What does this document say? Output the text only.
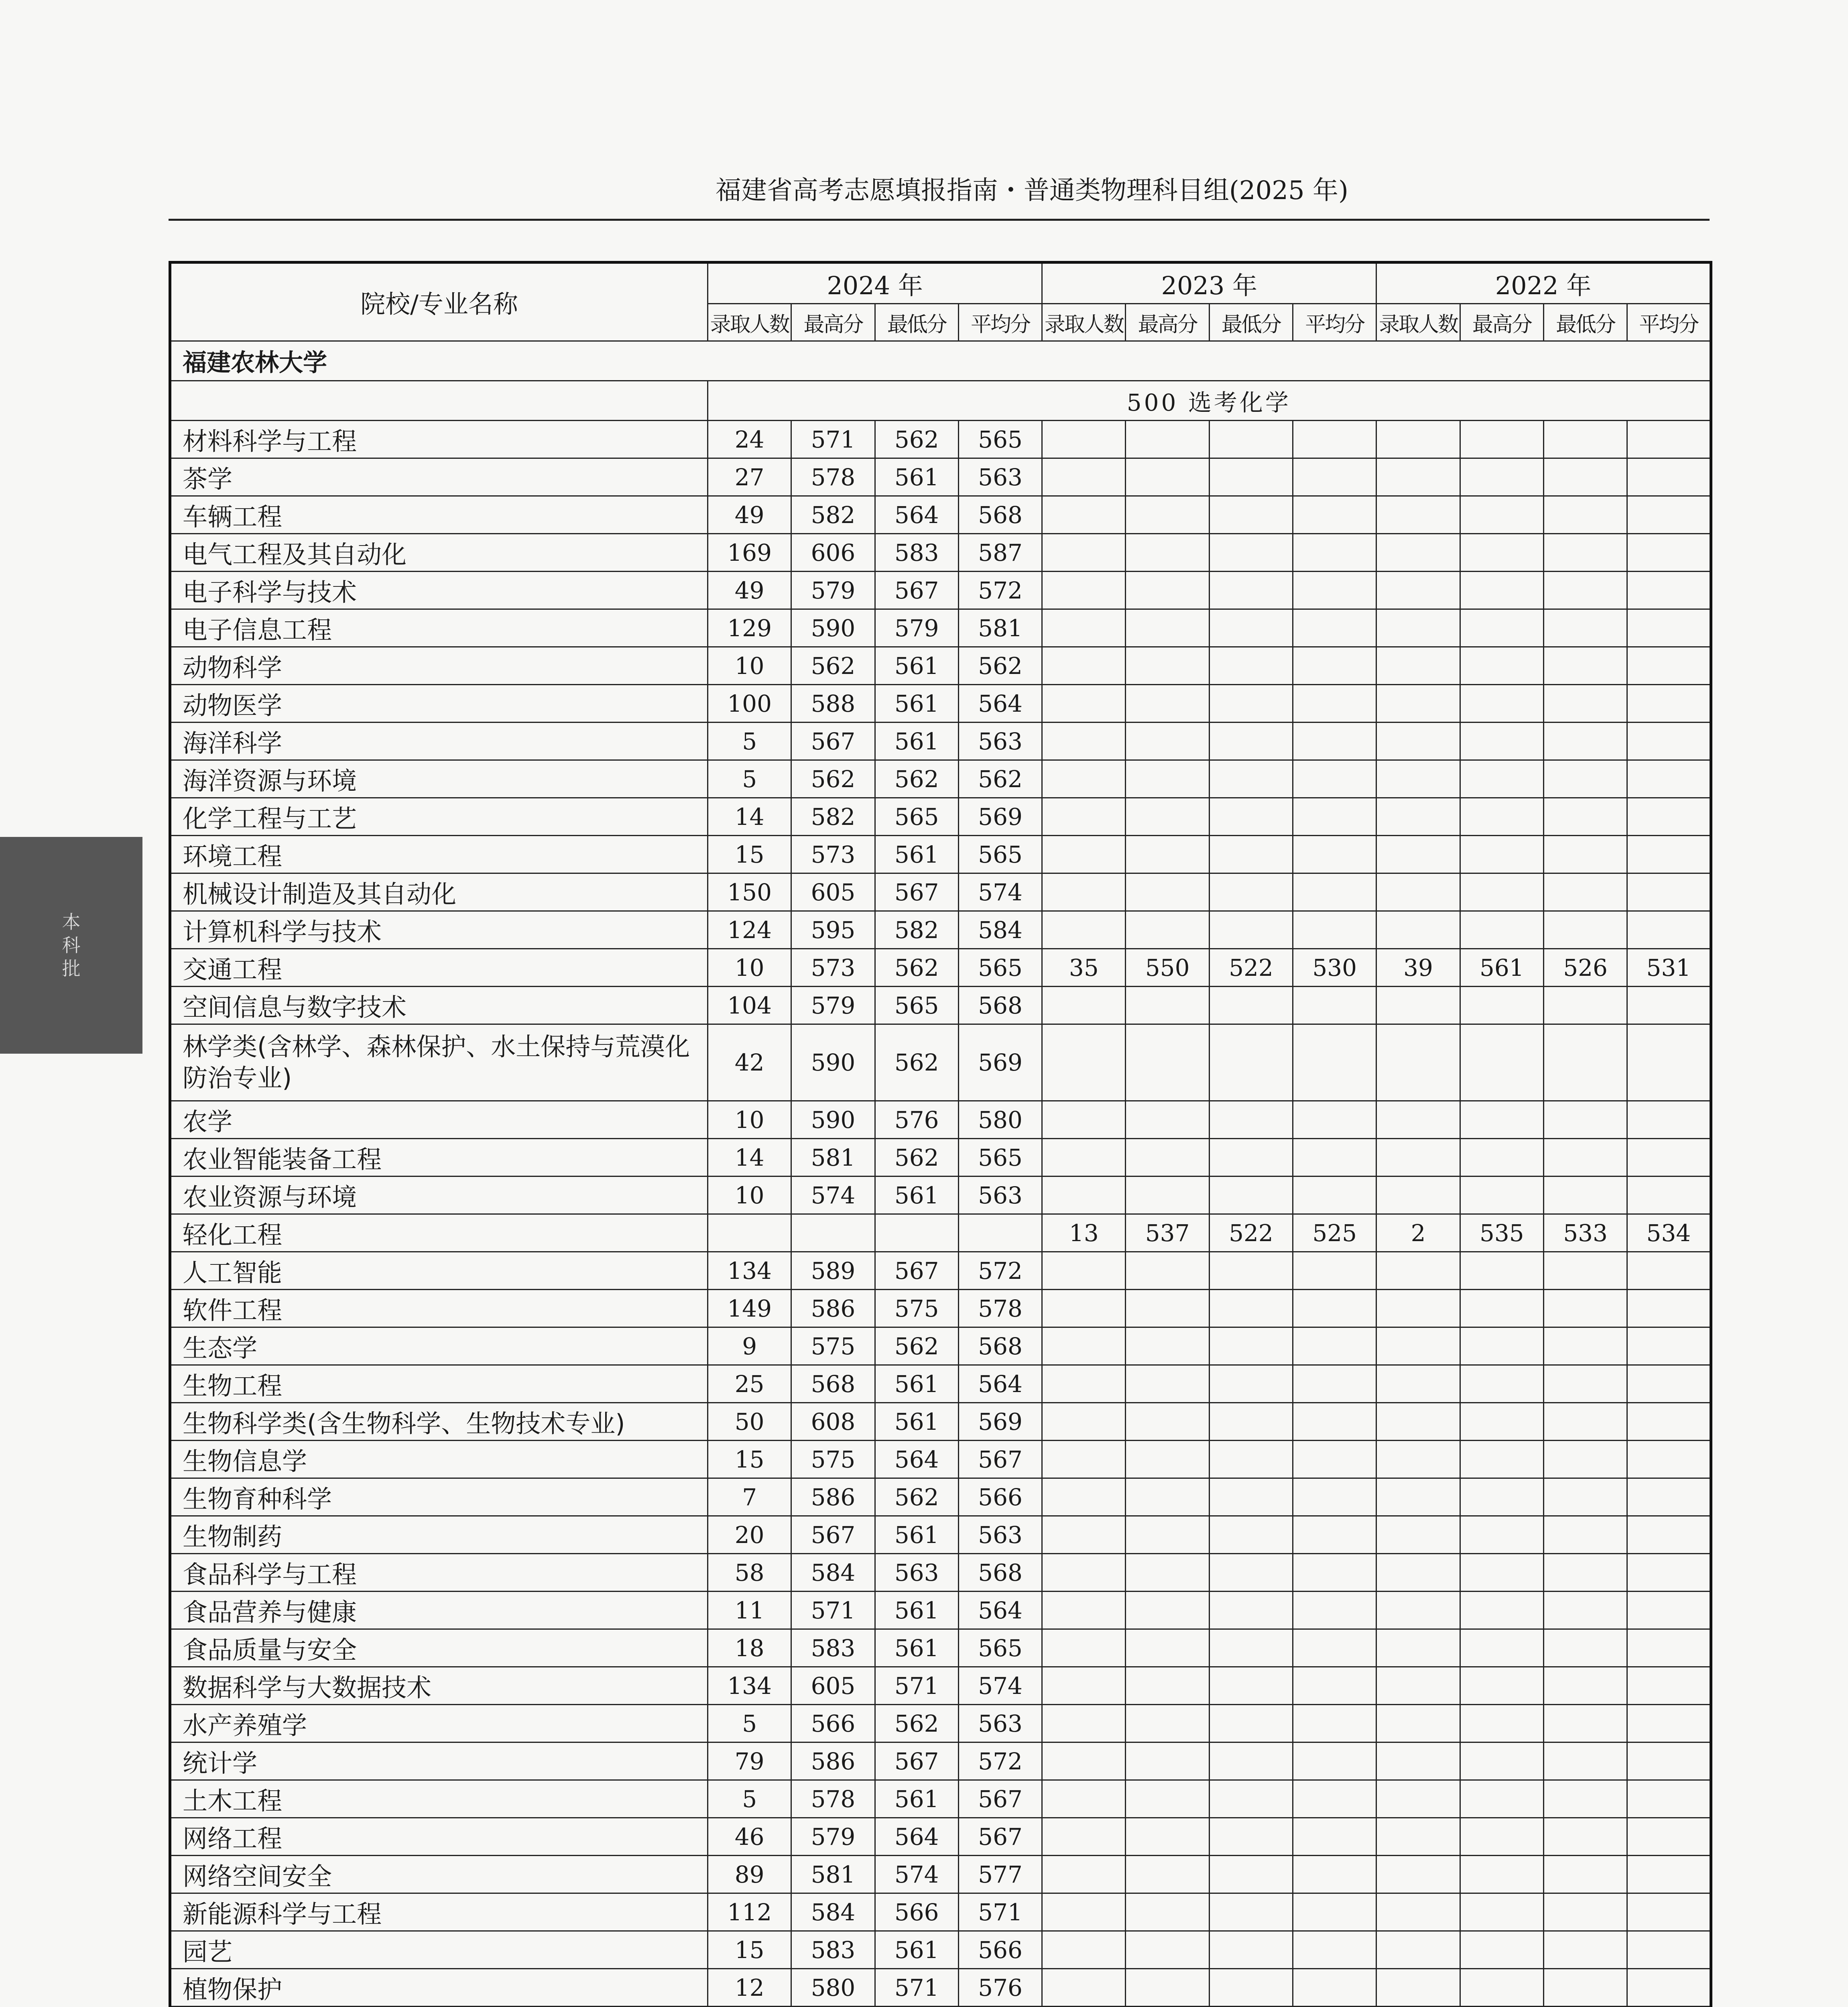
福建省高考志愿填报指南・普通类物理科目组(2025 年)
本
科
批
院校/专业名称	2024 年				2023 年				2022 年			
	录取人数	最高分	最低分	平均分	录取人数	最高分	最低分	平均分	录取人数	最高分	最低分	平均分
福建农林大学												
	500 选考化学											
材料科学与工程	24	571	562	565								
茶学	27	578	561	563								
车辆工程	49	582	564	568								
电气工程及其自动化	169	606	583	587								
电子科学与技术	49	579	567	572								
电子信息工程	129	590	579	581								
动物科学	10	562	561	562								
动物医学	100	588	561	564								
海洋科学	5	567	561	563								
海洋资源与环境	5	562	562	562								
化学工程与工艺	14	582	565	569								
环境工程	15	573	561	565								
机械设计制造及其自动化	150	605	567	574								
计算机科学与技术	124	595	582	584								
交通工程	10	573	562	565	35	550	522	530	39	561	526	531
空间信息与数字技术	104	579	565	568								
林学类(含林学、森林保护、水土保持与荒漠化防治专业)	42	590	562	569								
农学	10	590	576	580								
农业智能装备工程	14	581	562	565								
农业资源与环境	10	574	561	563								
轻化工程					13	537	522	525	2	535	533	534
人工智能	134	589	567	572								
软件工程	149	586	575	578								
生态学	9	575	562	568								
生物工程	25	568	561	564								
生物科学类(含生物科学、生物技术专业)	50	608	561	569								
生物信息学	15	575	564	567								
生物育种科学	7	586	562	566								
生物制药	20	567	561	563								
食品科学与工程	58	584	563	568								
食品营养与健康	11	571	561	564								
食品质量与安全	18	583	561	565								
数据科学与大数据技术	134	605	571	574								
水产养殖学	5	566	562	563								
统计学	79	586	567	572								
土木工程	5	578	561	567								
网络工程	46	579	564	567								
网络空间安全	89	581	574	577								
新能源科学与工程	112	584	566	571								
园艺	15	583	561	566								
植物保护	12	580	571	576								
